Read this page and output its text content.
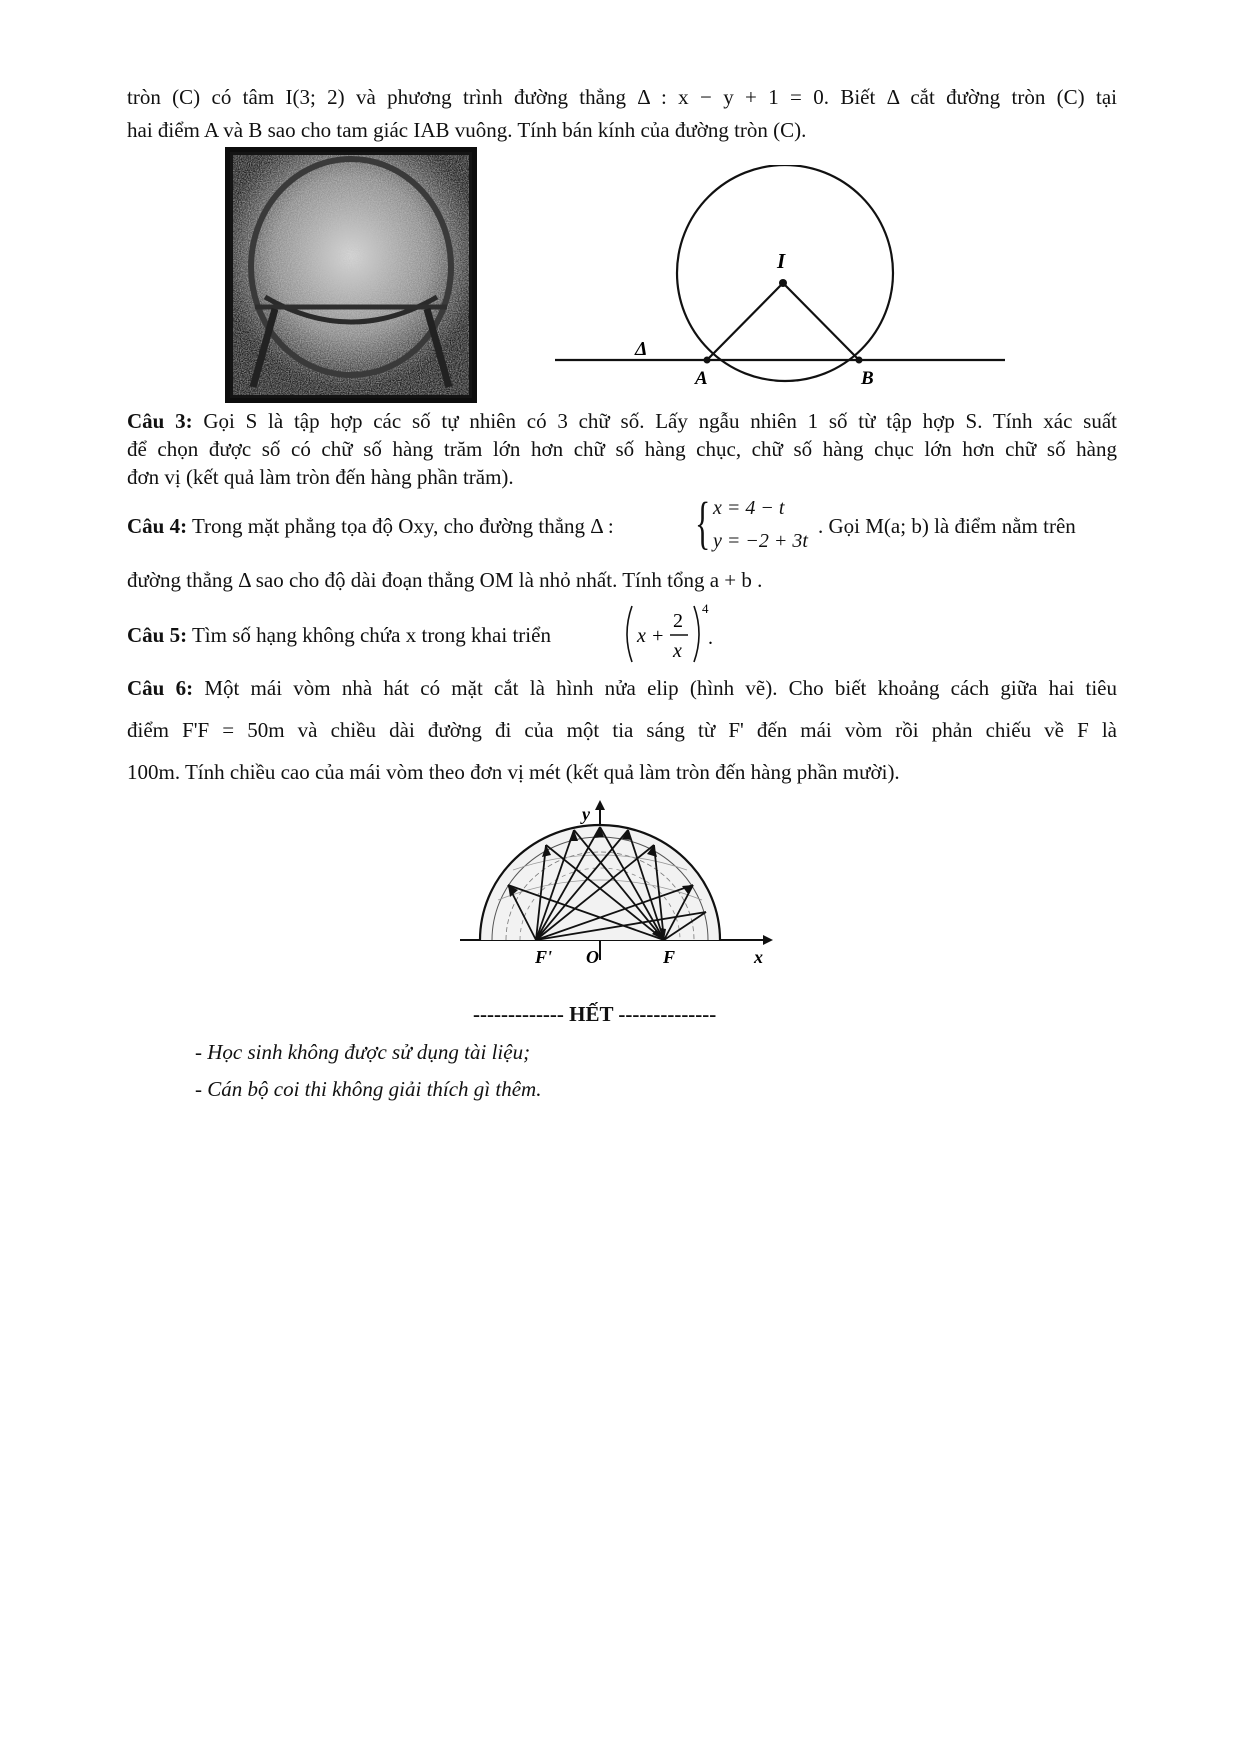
tròn (C) có tâm I(3; 2) và phương trình đường thẳng Δ : x − y + 1 = 0. Biết Δ cắt đường tròn (C) tại
hai điểm A và B sao cho tam giác IAB vuông. Tính bán kính của đường tròn (C).
I
A	B
Δ
Câu 3: Gọi S là tập hợp các số tự nhiên có 3 chữ số. Lấy ngẫu nhiên 1 số từ tập hợp S. Tính xác suất
để chọn được số có chữ số hàng trăm lớn hơn chữ số hàng chục, chữ số hàng chục lớn hơn chữ số hàng
đơn vị (kết quả làm tròn đến hàng phần trăm).
Câu 4: Trong mặt phẳng tọa độ Oxy, cho đường thẳng Δ :	{ x = 4 − t
y = −2 + 3t
. Gọi M(a; b) là điểm nằm trên
đường thẳng Δ sao cho độ dài đoạn thẳng OM là nhỏ nhất. Tính tổng a + b .
Câu 5: Tìm số hạng không chứa x trong khai triển	x +
2
x
4
.
Câu 6: Một mái vòm nhà hát có mặt cắt là hình nửa elip (hình vẽ). Cho biết khoảng cách giữa hai tiêu
điểm F'F = 50m và chiều dài đường đi của một tia sáng từ F' đến mái vòm rồi phản chiếu về F là
100m. Tính chiều cao của mái vòm theo đơn vị mét (kết quả làm tròn đến hàng phần mười).
y
x
O
F'	F
------------- HẾT --------------
- Học sinh không được sử dụng tài liệu;
- Cán bộ coi thi không giải thích gì thêm.
